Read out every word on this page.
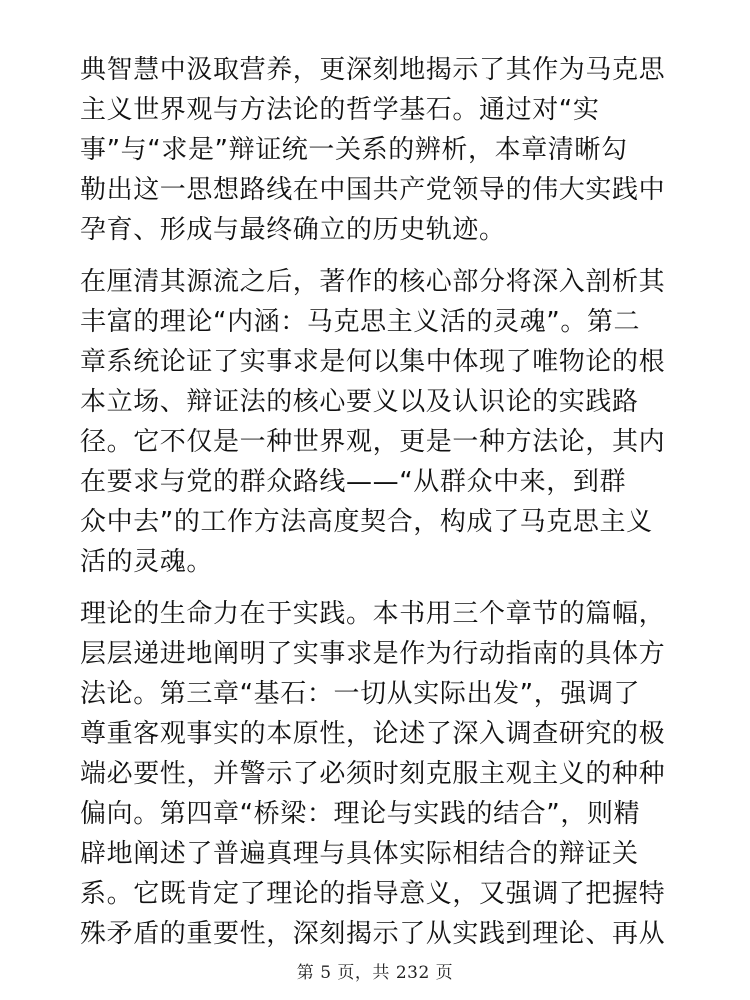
典智慧中汲取营养，更深刻地揭示了其作为马克思
主义世界观与方法论的哲学基石。通过对“实
事”与“求是”辩证统一关系的辨析，本章清晰勾
勒出这一思想路线在中国共产党领导的伟大实践中
孕育、形成与最终确立的历史轨迹。

在厘清其源流之后，著作的核心部分将深入剖析其
丰富的理论“内涵：马克思主义活的灵魂”。第二
章系统论证了实事求是何以集中体现了唯物论的根
本立场、辩证法的核心要义以及认识论的实践路
径。它不仅是一种世界观，更是一种方法论，其内
在要求与党的群众路线——“从群众中来，到群
众中去”的工作方法高度契合，构成了马克思主义
活的灵魂。

理论的生命力在于实践。本书用三个章节的篇幅，
层层递进地阐明了实事求是作为行动指南的具体方
法论。第三章“基石：一切从实际出发”，强调了
尊重客观事实的本原性，论述了深入调查研究的极
端必要性，并警示了必须时刻克服主观主义的种种
偏向。第四章“桥梁：理论与实践的结合”，则精
辟地阐述了普遍真理与具体实际相结合的辩证关
系。它既肯定了理论的指导意义，又强调了把握特
殊矛盾的重要性，深刻揭示了从实践到理论、再从

第 5 页，共 232 页
